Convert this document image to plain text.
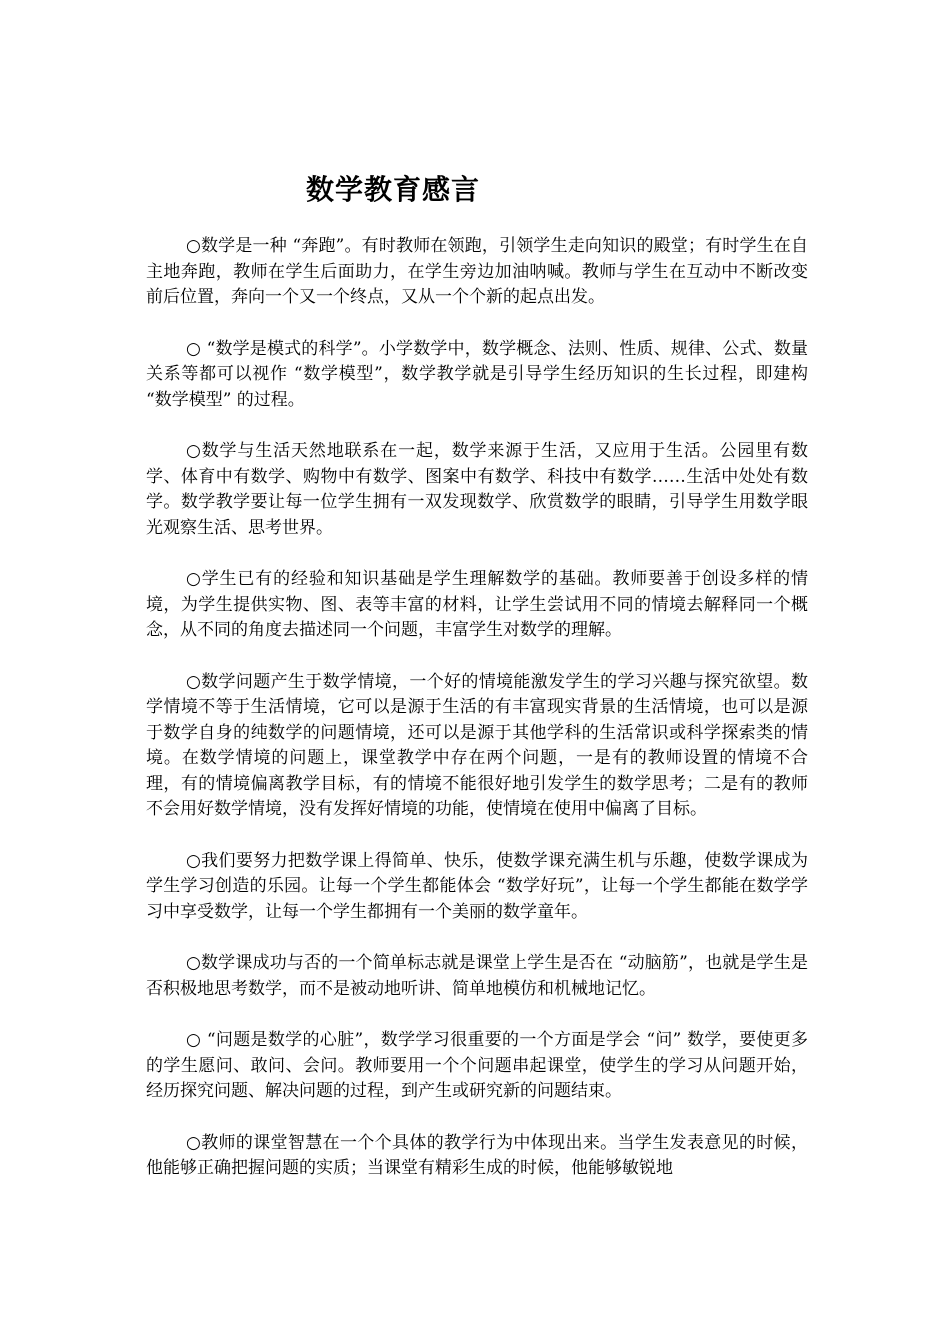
数学教育感言

○数学是一种 “奔跑”。有时教师在领跑，引领学生走向知识的殿堂；有时学生在自主地奔跑，教师在学生后面助力，在学生旁边加油呐喊。教师与学生在互动中不断改变前后位置，奔向一个又一个终点，又从一个个新的起点出发。

○ “数学是模式的科学”。小学数学中，数学概念、法则、性质、规律、公式、数量关系等都可以视作 “数学模型”，数学教学就是引导学生经历知识的生长过程，即建构 “数学模型” 的过程。

○数学与生活天然地联系在一起，数学来源于生活，又应用于生活。公园里有数学、体育中有数学、购物中有数学、图案中有数学、科技中有数学……生活中处处有数学。数学教学要让每一位学生拥有一双发现数学、欣赏数学的眼睛，引导学生用数学眼光观察生活、思考世界。

○学生已有的经验和知识基础是学生理解数学的基础。教师要善于创设多样的情境，为学生提供实物、图、表等丰富的材料，让学生尝试用不同的情境去解释同一个概念，从不同的角度去描述同一个问题，丰富学生对数学的理解。

○数学问题产生于数学情境，一个好的情境能激发学生的学习兴趣与探究欲望。数学情境不等于生活情境，它可以是源于生活的有丰富现实背景的生活情境，也可以是源于数学自身的纯数学的问题情境，还可以是源于其他学科的生活常识或科学探索类的情境。在数学情境的问题上，课堂教学中存在两个问题，一是有的教师设置的情境不合理，有的情境偏离教学目标，有的情境不能很好地引发学生的数学思考；二是有的教师不会用好数学情境，没有发挥好情境的功能，使情境在使用中偏离了目标。

○我们要努力把数学课上得简单、快乐，使数学课充满生机与乐趣，使数学课成为学生学习创造的乐园。让每一个学生都能体会 “数学好玩”，让每一个学生都能在数学学习中享受数学，让每一个学生都拥有一个美丽的数学童年。

○数学课成功与否的一个简单标志就是课堂上学生是否在 “动脑筋”，也就是学生是否积极地思考数学，而不是被动地听讲、简单地模仿和机械地记忆。

○ “问题是数学的心脏”，数学学习很重要的一个方面是学会 “问” 数学，要使更多的学生愿问、敢问、会问。教师要用一个个问题串起课堂，使学生的学习从问题开始，经历探究问题、解决问题的过程，到产生或研究新的问题结束。

○教师的课堂智慧在一个个具体的教学行为中体现出来。当学生发表意见的时候，他能够正确把握问题的实质；当课堂有精彩生成的时候，他能够敏锐地
